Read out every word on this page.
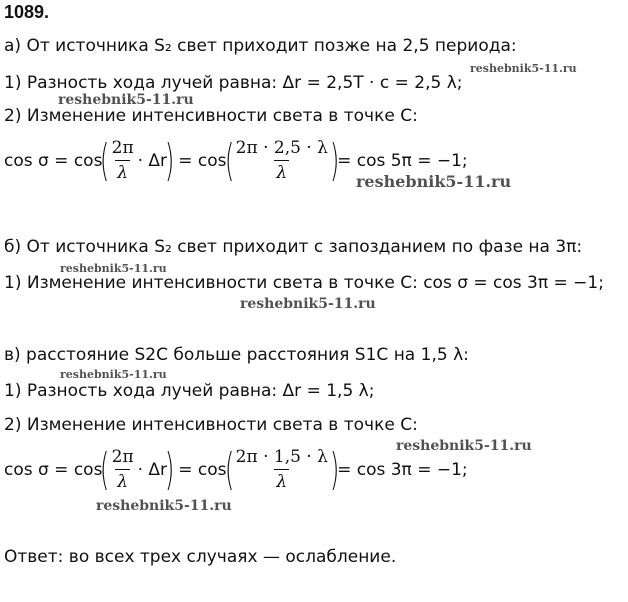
1089.
а) От источника S₂ свет приходит позже на 2,5 периода:
1) Разность хода лучей равна: Δr = 2,5T · c = 2,5 λ;
2) Изменение интенсивности света в точке C:
cos σ = cos
( $\frac{2\pi}{\lambda} \cdot \Delta r$
) = cos
( $\frac{2\pi \cdot 2,5 \cdot \lambda}{\lambda}$ )
= cos 5π = −1;
б) От источника S₂ свет приходит с запозданием по фазе на 3π:
1) Изменение интенсивности света в точке C: cos σ = cos 3π = −1;
в) расстояние S2C больше расстояния S1C на 1,5 λ:
1) Разность хода лучей равна: Δr = 1,5 λ;
2) Изменение интенсивности света в точке C:
cos σ = cos
( $\frac{2\pi}{\lambda} \cdot \Delta r$
) = cos
( $\frac{2\pi \cdot 1,5 \cdot \lambda}{\lambda}$ )
= cos 3π = −1;
Ответ: во всех трех случаях — ослабление.
reshebnik5-11.ru
reshebnik5-11.ru
reshebnik5-11.ru
reshebnik5-11.ru
reshebnik5-11.ru
reshebnik5-11.ru
reshebnik5-11.ru
reshebnik5-11.ru
